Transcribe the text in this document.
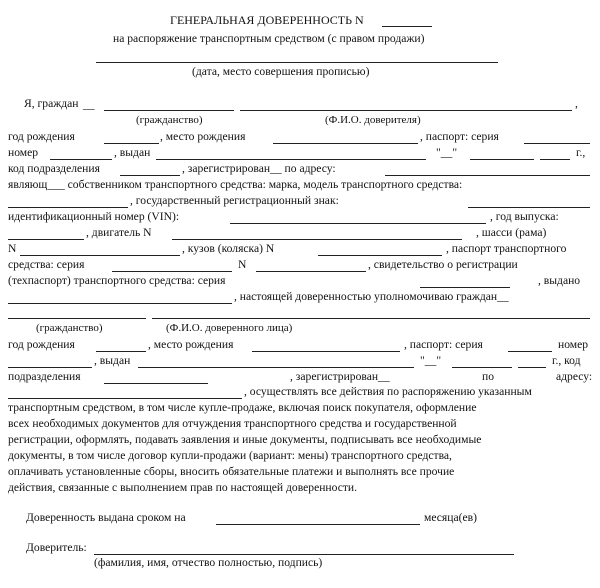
ГЕНЕРАЛЬНАЯ ДОВЕРЕННОСТЬ N
на распоряжение транспортным средством (с правом продажи)
(дата, место совершения прописью)
Я, граждан __	,
(гражданство)	(Ф.И.О. доверителя)
год рождения	, место рождения	, паспорт: серия
номер	, выдан	"__"	г.,
код подразделения	, зарегистрирован__ по адресу:
являющ___ собственником транспортного средства: марка, модель транспортного средства:
, государственный регистрационный знак:
идентификационный номер (VIN):	, год выпуска:
, двигатель N	, шасси (рама)
N	, кузов (коляска) N	, паспорт транспортного
средства: серия	N	, свидетельство о регистрации
(техпаспорт) транспортного средства: серия	, выдано
, настоящей доверенностью уполномочиваю граждан__
(гражданство)	(Ф.И.О. доверенного лица)
год рождения	, место рождения	, паспорт: серия	номер
, выдан	"__"	г., код
подразделения	, зарегистрирован__	по	адресу:
, осуществлять все действия по распоряжению указанным
транспортным средством, в том числе купле-продаже, включая поиск покупателя, оформление
всех необходимых документов для отчуждения транспортного средства и государственной
регистрации, оформлять, подавать заявления и иные документы, подписывать все необходимые
документы, в том числе договор купли-продажи (вариант: мены) транспортного средства,
оплачивать установленные сборы, вносить обязательные платежи и выполнять все прочие
действия, связанные с выполнением прав по настоящей доверенности.
Доверенность выдана сроком на	месяца(ев)
Доверитель:
(фамилия, имя, отчество полностью, подпись)
